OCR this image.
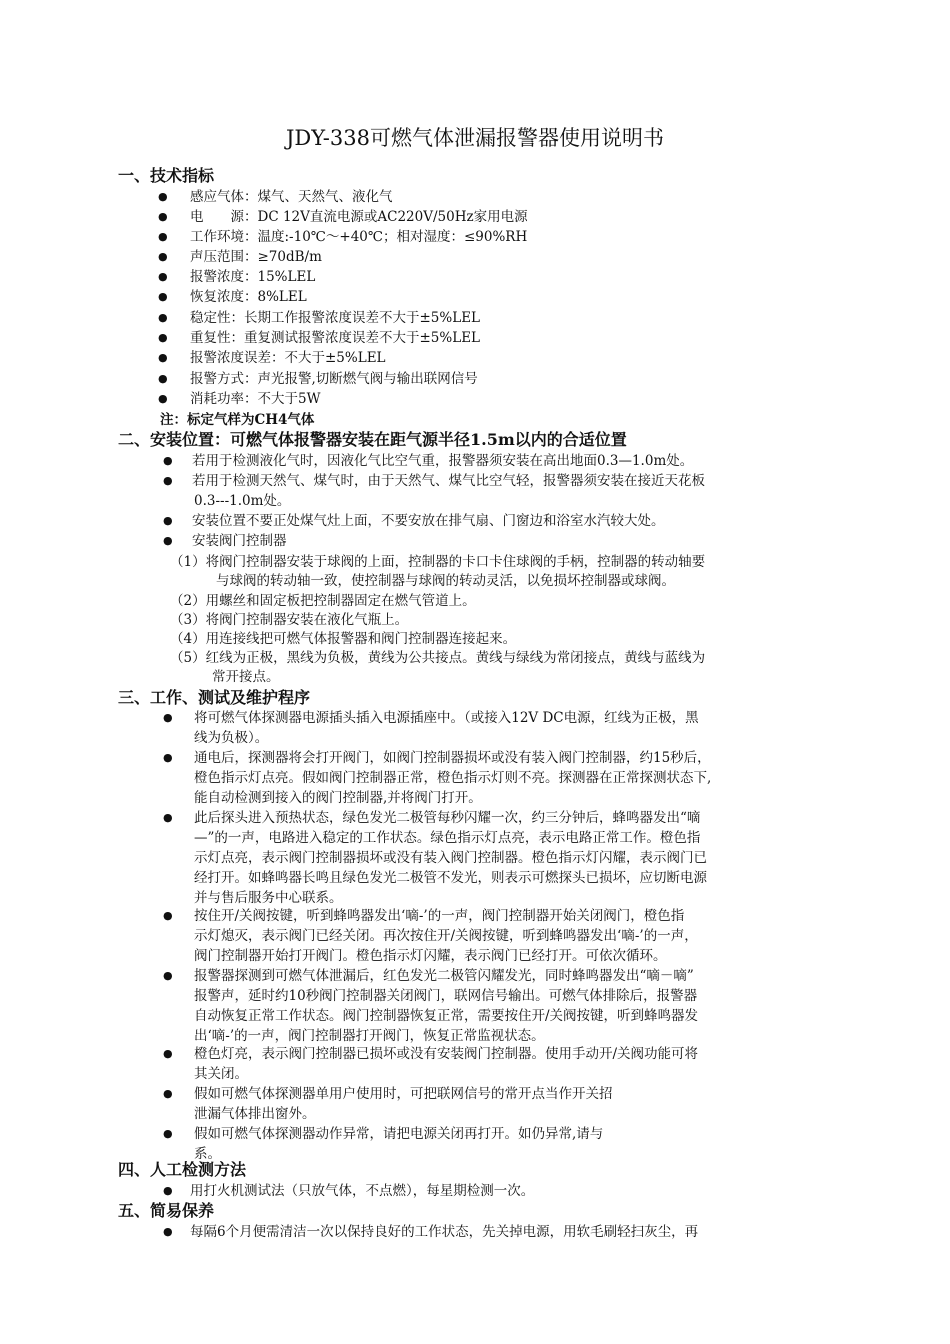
JDY-338可燃气体泄漏报警器使用说明书
一、技术指标
● 感应气体：煤气、天然气、液化气
● 电　　源：DC 12V直流电源或AC220V/50Hz家用电源
● 工作环境：温度:-10℃～+40℃；相对湿度：≤90%RH
● 声压范围：≥70dB/m
● 报警浓度：15%LEL
● 恢复浓度：8%LEL
● 稳定性：长期工作报警浓度误差不大于±5%LEL
● 重复性：重复测试报警浓度误差不大于±5%LEL
● 报警浓度误差：不大于±5%LEL
● 报警方式：声光报警,切断燃气阀与输出联网信号
● 消耗功率：不大于5W
注：标定气样为CH4气体
二、安装位置：可燃气体报警器安装在距气源半径1.5m以内的合适位置
● 若用于检测液化气时，因液化气比空气重，报警器须安装在高出地面0.3—1.0m处。
● 若用于检测天然气、煤气时，由于天然气、煤气比空气轻，报警器须安装在接近天花板
0.3---1.0m处。
● 安装位置不要正处煤气灶上面，不要安放在排气扇、门窗边和浴室水汽较大处。
● 安装阀门控制器
（1）将阀门控制器安装于球阀的上面，控制器的卡口卡住球阀的手柄，控制器的转动轴要
与球阀的转动轴一致，使控制器与球阀的转动灵活，以免损坏控制器或球阀。
（2）用螺丝和固定板把控制器固定在燃气管道上。
（3）将阀门控制器安装在液化气瓶上。
（4）用连接线把可燃气体报警器和阀门控制器连接起来。
（5）红线为正极，黑线为负极，黄线为公共接点。黄线与绿线为常闭接点，黄线与蓝线为
常开接点。
三、工作、测试及维护程序
● 将可燃气体探测器电源插头插入电源插座中。（或接入12V DC电源，红线为正极，黑
线为负极）。
● 通电后，探测器将会打开阀门，如阀门控制器损坏或没有装入阀门控制器，约15秒后，
橙色指示灯点亮。假如阀门控制器正常，橙色指示灯则不亮。探测器在正常探测状态下,
能自动检测到接入的阀门控制器,并将阀门打开。
● 此后探头进入预热状态，绿色发光二极管每秒闪耀一次，约三分钟后，蜂鸣器发出“嘀
—”的一声，电路进入稳定的工作状态。绿色指示灯点亮，表示电路正常工作。橙色指
示灯点亮，表示阀门控制器损坏或没有装入阀门控制器。橙色指示灯闪耀，表示阀门已
经打开。如蜂鸣器长鸣且绿色发光二极管不发光，则表示可燃探头已损坏，应切断电源
并与售后服务中心联系。
● 按住开/关阀按键，听到蜂鸣器发出‘嘀-’的一声，阀门控制器开始关闭阀门，橙色指
示灯熄灭，表示阀门已经关闭。再次按住开/关阀按键，听到蜂鸣器发出‘嘀-’的一声，
阀门控制器开始打开阀门。橙色指示灯闪耀，表示阀门已经打开。可依次循环。
● 报警器探测到可燃气体泄漏后，红色发光二极管闪耀发光，同时蜂鸣器发出“嘀－嘀”
报警声，延时约10秒阀门控制器关闭阀门，联网信号输出。可燃气体排除后，报警器
自动恢复正常工作状态。阀门控制器恢复正常，需要按住开/关阀按键，听到蜂鸣器发
出‘嘀-’的一声，阀门控制器打开阀门，恢复正常监视状态。
● 橙色灯亮，表示阀门控制器已损坏或没有安装阀门控制器。使用手动开/关阀功能可将
其关闭。
● 假如可燃气体探测器单用户使用时，可把联网信号的常开点当作开关招
泄漏气体排出窗外。
● 假如可燃气体探测器动作异常，请把电源关闭再打开。如仍异常,请与
系。
四、人工检测方法
● 用打火机测试法（只放气体，不点燃），每星期检测一次。
五、简易保养
● 每隔6个月便需清洁一次以保持良好的工作状态，先关掉电源，用软毛刷轻扫灰尘，再
